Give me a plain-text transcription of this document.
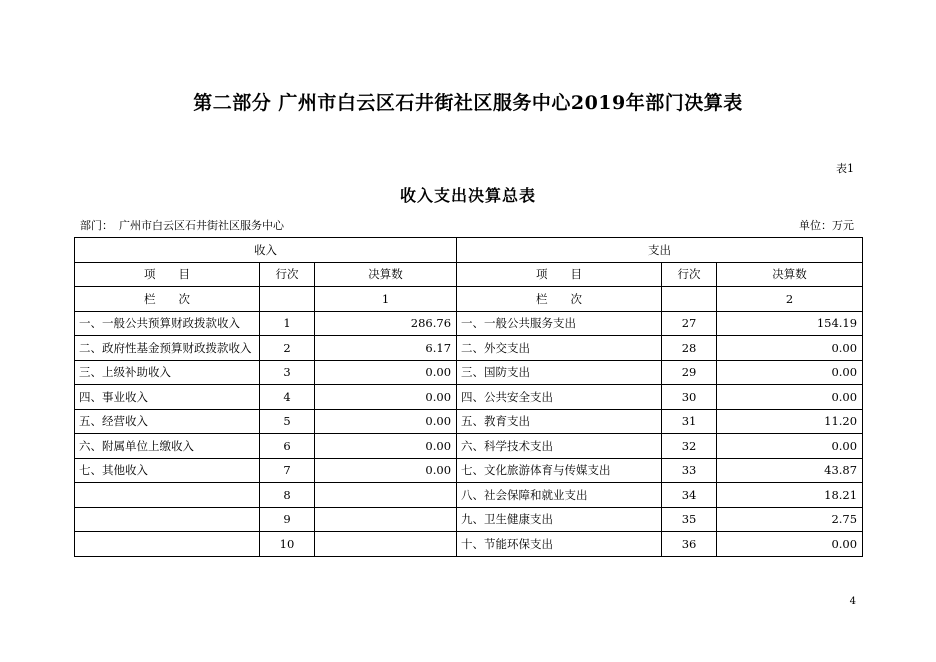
第二部分 广州市白云区石井街社区服务中心2019年部门决算表
表1
收入支出决算总表
部门： 广州市白云区石井街社区服务中心	单位：万元
收入			支出		
项　　目	行次	决算数	项　　目	行次	决算数
栏　　次		1	栏　　次		2
一、一般公共预算财政拨款收入	1	286.76	一、一般公共服务支出	27	154.19
二、政府性基金预算财政拨款收入	2	6.17	二、外交支出	28	0.00
三、上级补助收入	3	0.00	三、国防支出	29	0.00
四、事业收入	4	0.00	四、公共安全支出	30	0.00
五、经营收入	5	0.00	五、教育支出	31	11.20
六、附属单位上缴收入	6	0.00	六、科学技术支出	32	0.00
七、其他收入	7	0.00	七、文化旅游体育与传媒支出	33	43.87
	8		八、社会保障和就业支出	34	18.21
	9		九、卫生健康支出	35	2.75
	10		十、节能环保支出	36	0.00
4
